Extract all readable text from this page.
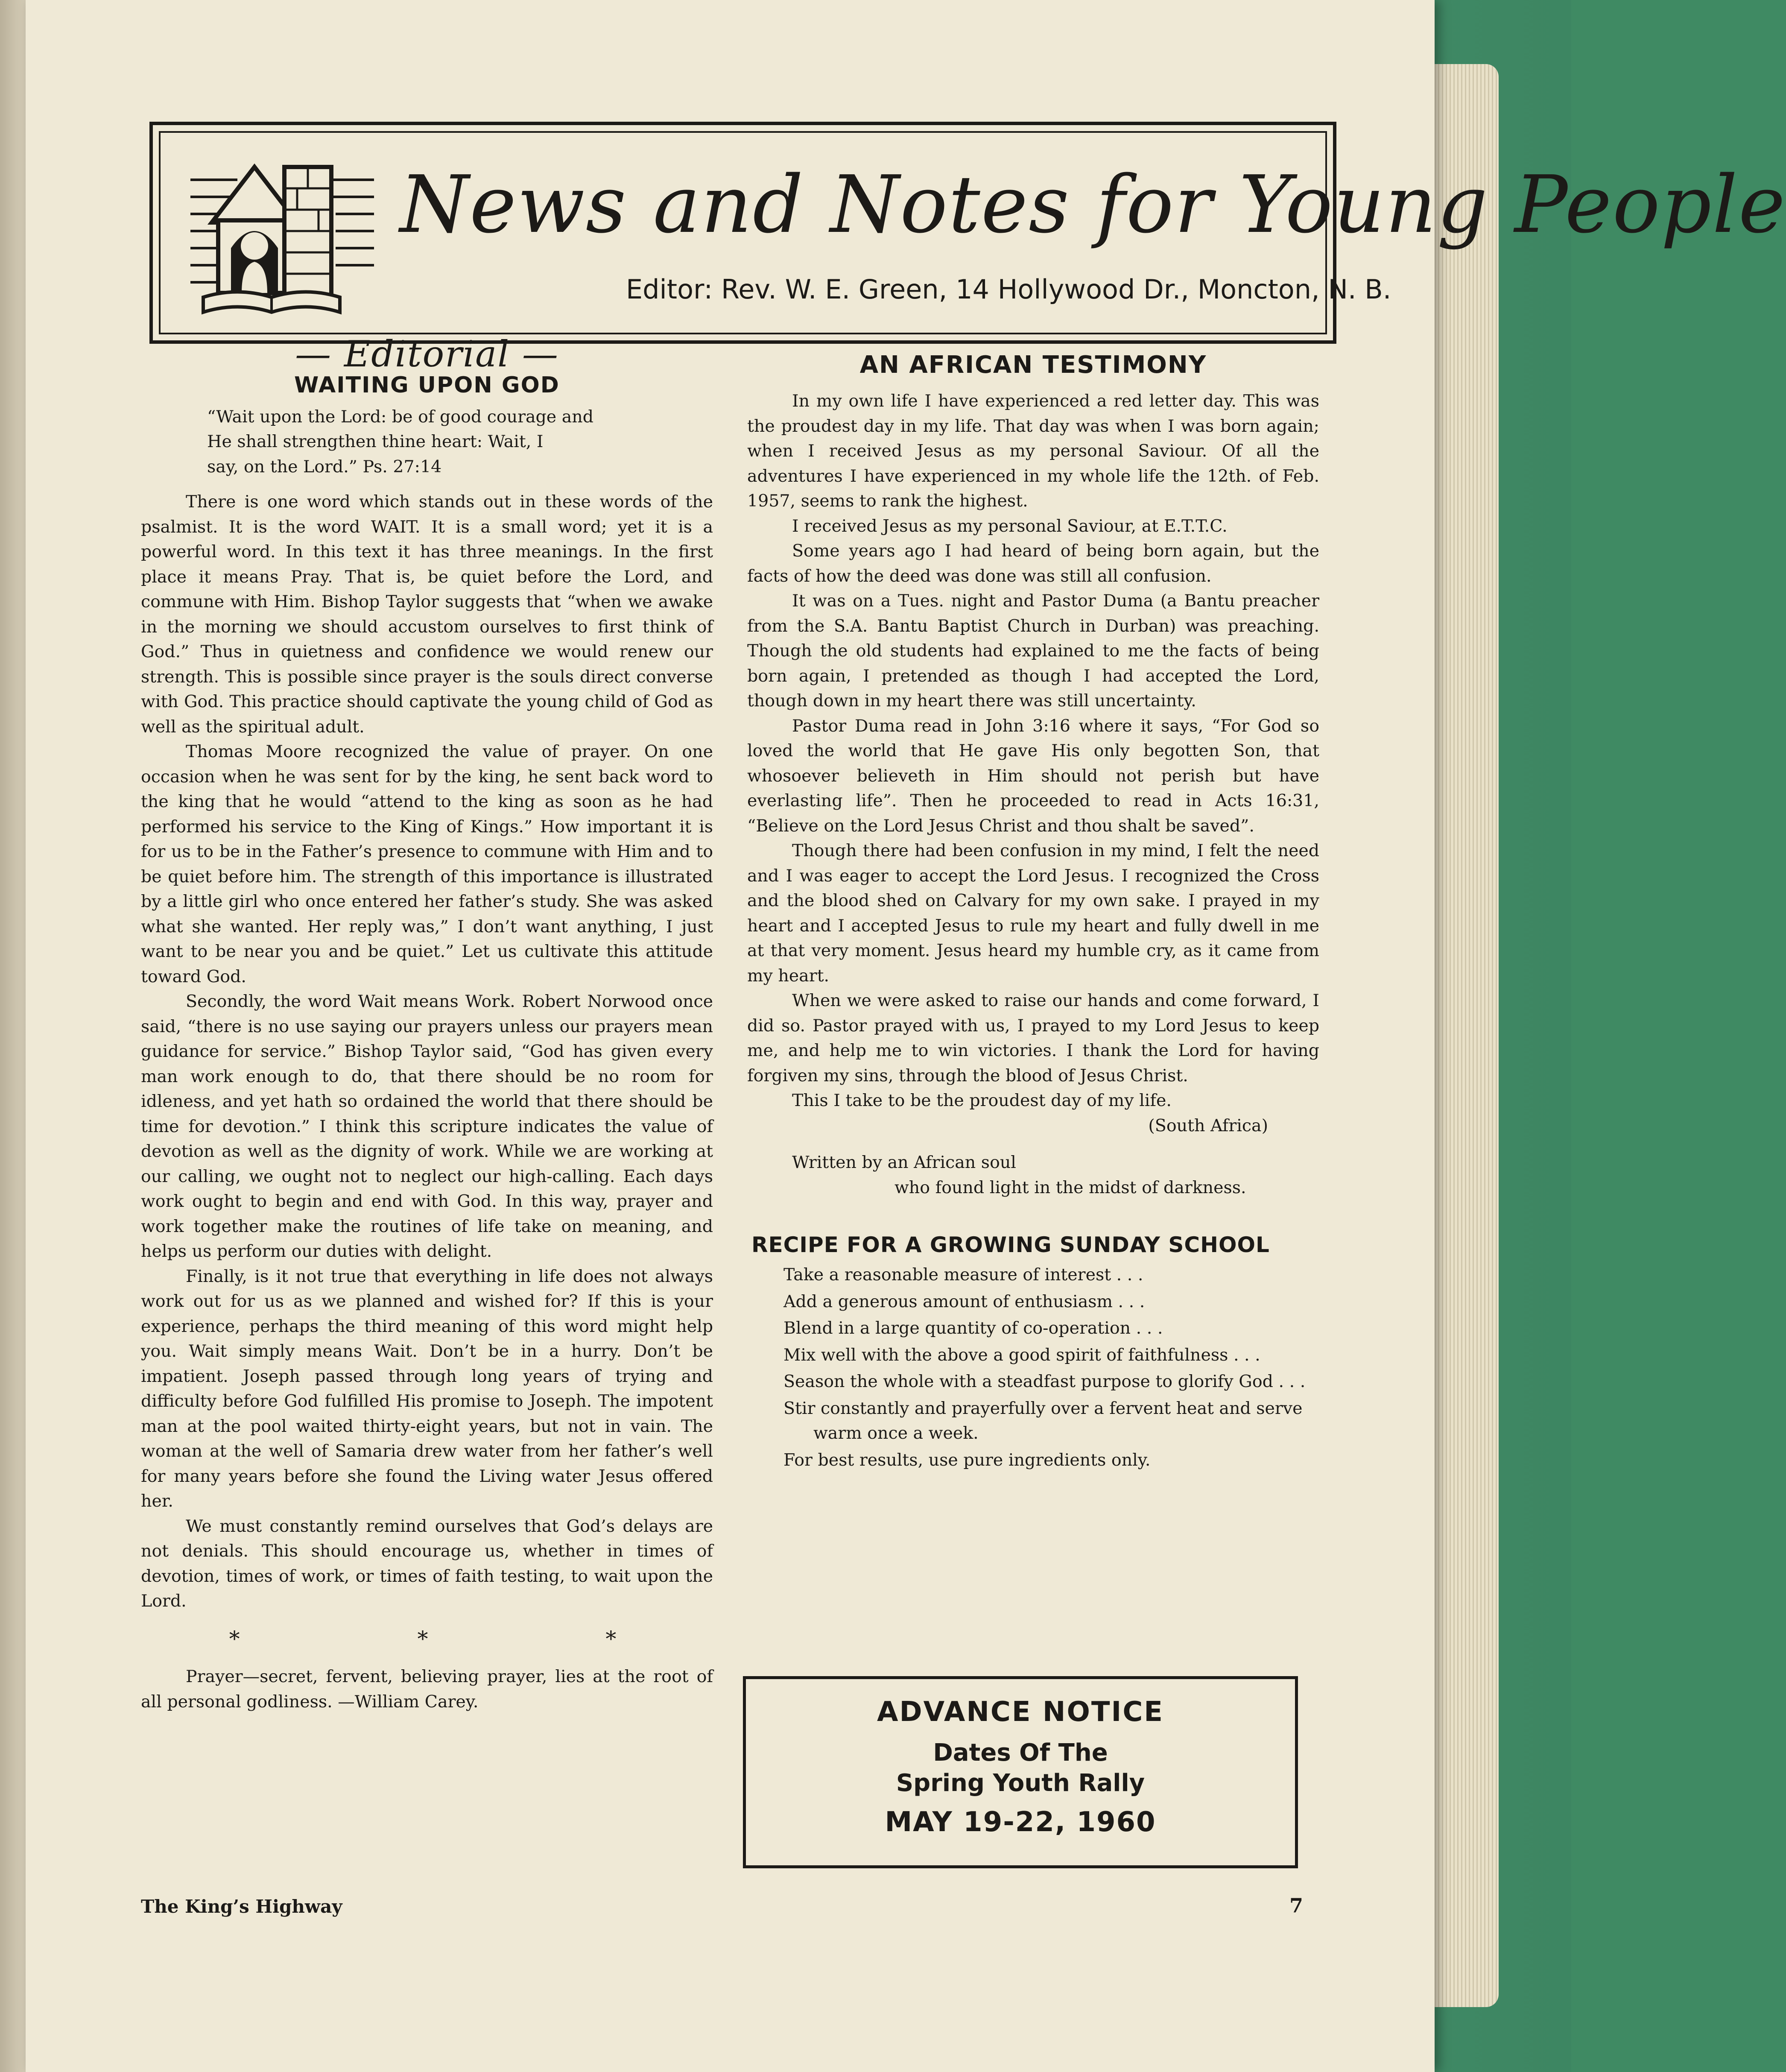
News and Notes for Young People
Editor: Rev. W. E. Green, 14 Hollywood Dr., Moncton, N. B.
— Editorial —
WAITING UPON GOD
“Wait upon the Lord: be of good courage and
He shall strengthen thine heart: Wait, I
say, on the Lord.” Ps. 27:14

There is one word which stands out in these words of the psalmist. It is the word WAIT. It is a small word; yet it is a powerful word. In this text it has three meanings. In the first place it means Pray. That is, be quiet before the Lord, and commune with Him. Bishop Taylor suggests that “when we awake in the morning we should accustom ourselves to first think of God.” Thus in quietness and confidence we would renew our strength. This is possible since prayer is the souls direct converse with God. This practice should captivate the young child of God as well as the spiritual adult.

Thomas Moore recognized the value of prayer. On one occasion when he was sent for by the king, he sent back word to the king that he would “attend to the king as soon as he had performed his service to the King of Kings.” How important it is for us to be in the Father’s presence to commune with Him and to be quiet before him. The strength of this importance is illustrated by a little girl who once entered her father’s study. She was asked what she wanted. Her reply was,” I don’t want anything, I just want to be near you and be quiet.” Let us cultivate this attitude toward God.

Secondly, the word Wait means Work. Robert Norwood once said, “there is no use saying our prayers unless our prayers mean guidance for service.” Bishop Taylor said, “God has given every man work enough to do, that there should be no room for idleness, and yet hath so ordained the world that there should be time for devotion.” I think this scripture indicates the value of devotion as well as the dignity of work. While we are working at our calling, we ought not to neglect our high-calling. Each days work ought to begin and end with God. In this way, prayer and work together make the routines of life take on meaning, and helps us perform our duties with delight.

Finally, is it not true that everything in life does not always work out for us as we planned and wished for? If this is your experience, perhaps the third meaning of this word might help you. Wait simply means Wait. Don’t be in a hurry. Don’t be impatient. Joseph passed through long years of trying and difficulty before God fulfilled His promise to Joseph. The impotent man at the pool waited thirty-eight years, but not in vain. The woman at the well of Samaria drew water from her father’s well for many years before she found the Living water Jesus offered her.

We must constantly remind ourselves that God’s delays are not denials. This should encourage us, whether in times of devotion, times of work, or times of faith testing, to wait upon the Lord.

* * *

Prayer—secret, fervent, believing prayer, lies at the root of all personal godliness. —William Carey.

AN AFRICAN TESTIMONY

In my own life I have experienced a red letter day. This was the proudest day in my life. That day was when I was born again; when I received Jesus as my personal Saviour. Of all the adventures I have experienced in my whole life the 12th. of Feb. 1957, seems to rank the highest.

I received Jesus as my personal Saviour, at E.T.T.C.

Some years ago I had heard of being born again, but the facts of how the deed was done was still all confusion.

It was on a Tues. night and Pastor Duma (a Bantu preacher from the S.A. Bantu Baptist Church in Durban) was preaching. Though the old students had explained to me the facts of being born again, I pretended as though I had accepted the Lord, though down in my heart there was still uncertainty.

Pastor Duma read in John 3:16 where it says, “For God so loved the world that He gave His only begotten Son, that whosoever believeth in Him should not perish but have everlasting life”. Then he proceeded to read in Acts 16:31, “Believe on the Lord Jesus Christ and thou shalt be saved”.

Though there had been confusion in my mind, I felt the need and I was eager to accept the Lord Jesus. I recognized the Cross and the blood shed on Calvary for my own sake. I prayed in my heart and I accepted Jesus to rule my heart and fully dwell in me at that very moment. Jesus heard my humble cry, as it came from my heart.

When we were asked to raise our hands and come forward, I did so. Pastor prayed with us, I prayed to my Lord Jesus to keep me, and help me to win victories. I thank the Lord for having forgiven my sins, through the blood of Jesus Christ.

This I take to be the proudest day of my life.

(South Africa)
Written by an African soul
who found light in the midst of darkness.
RECIPE FOR A GROWING SUNDAY SCHOOL
Take a reasonable measure of interest . . .
Add a generous amount of enthusiasm . . .
Blend in a large quantity of co-operation . . .
Mix well with the above a good spirit of faithfulness . . .
Season the whole with a steadfast purpose to glorify God . . .
Stir constantly and prayerfully over a fervent heat and serve warm once a week.
For best results, use pure ingredients only.
ADVANCE NOTICE
Dates Of The
Spring Youth Rally
MAY 19-22, 1960
The King’s Highway	7
